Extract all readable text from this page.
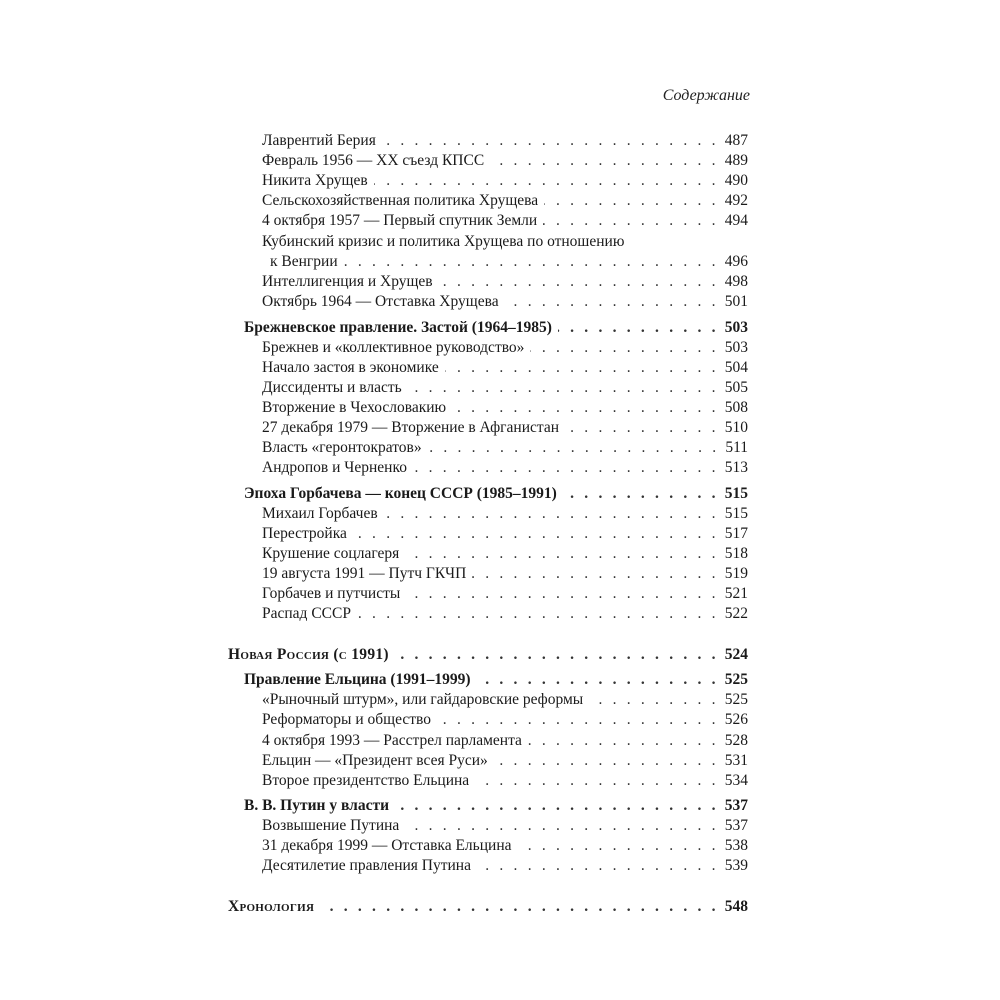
Содержание
Лаврентий Берия . . .	487
Февраль 1956 — XX съезд КПСС . . .	489
Никита Хрущев . . .	490
Сельскохозяйственная политика Хрущева . . .	492
4 октября 1957 — Первый спутник Земли . . .	494
Кубинский кризис и политика Хрущева по отношению
к Венгрии . . .	496
Интеллигенция и Хрущев . . .	498
Октябрь 1964 — Отставка Хрущева . . .	501
Брежневское правление. Застой (1964–1985) . . .	503
Брежнев и «коллективное руководство» . . .	503
Начало застоя в экономике . . .	504
Диссиденты и власть . . .	505
Вторжение в Чехословакию . . .	508
27 декабря 1979 — Вторжение в Афганистан . . .	510
Власть «геронтократов» . . .	511
Андропов и Черненко . . .	513
Эпоха Горбачева — конец СССР (1985–1991) . . .	515
Михаил Горбачев . . .	515
Перестройка . . .	517
Крушение соцлагеря . . .	518
19 августа 1991 — Путч ГКЧП . . .	519
Горбачев и путчисты . . .	521
Распад СССР . . .	522
Новая Россия (с 1991) . . .	524
Правление Ельцина (1991–1999) . . .	525
«Рыночный штурм», или гайдаровские реформы . . .	525
Реформаторы и общество . . .	526
4 октября 1993 — Расстрел парламента . . .	528
Ельцин — «Президент всея Руси» . . .	531
Второе президентство Ельцина . . .	534
В. В. Путин у власти . . .	537
Возвышение Путина . . .	537
31 декабря 1999 — Отставка Ельцина . . .	538
Десятилетие правления Путина . . .	539
Хронология . . .	548
